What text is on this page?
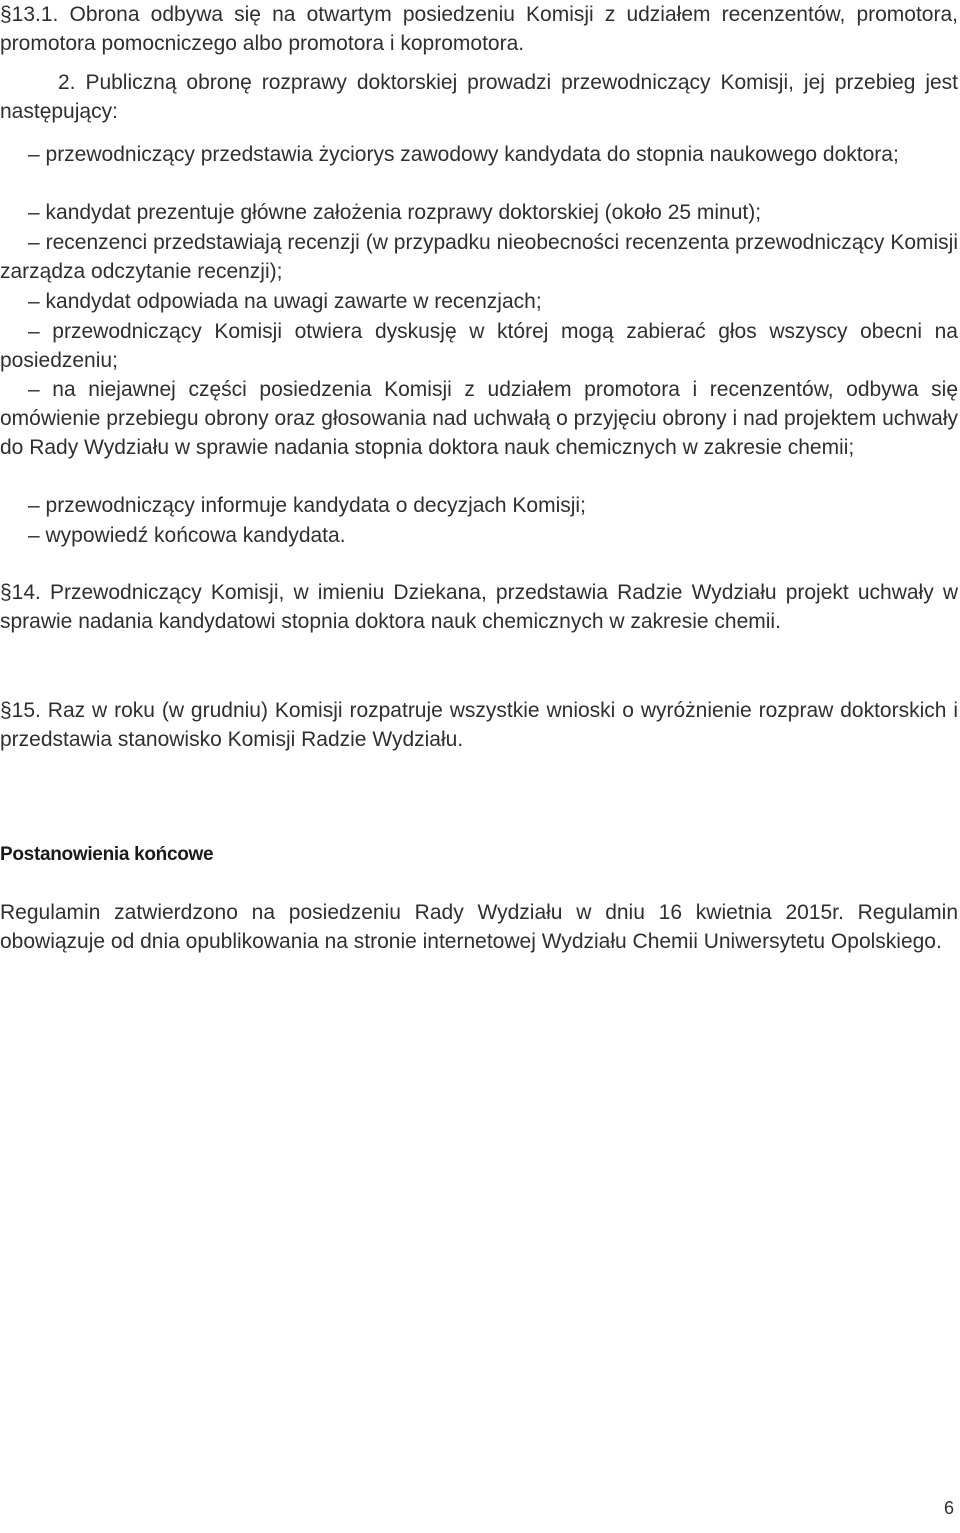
§13.1. Obrona odbywa się na otwartym posiedzeniu Komisji z udziałem recenzentów, promotora, promotora pomocniczego albo promotora i kopromotora.

2. Publiczną obronę rozprawy doktorskiej prowadzi przewodniczący Komisji, jej przebieg jest następujący:

– przewodniczący przedstawia życiorys zawodowy kandydata do stopnia naukowego doktora;

– kandydat prezentuje główne założenia rozprawy doktorskiej (około 25 minut);

– recenzenci przedstawiają recenzji (w przypadku nieobecności recenzenta przewodniczący Komisji zarządza odczytanie recenzji);

– kandydat odpowiada na uwagi zawarte w recenzjach;

– przewodniczący Komisji otwiera dyskusję w której mogą zabierać głos wszyscy obecni na posiedzeniu;

– na niejawnej części posiedzenia Komisji z udziałem promotora i recenzentów, odbywa się omówienie przebiegu obrony oraz głosowania nad uchwałą o przyjęciu obrony i nad projektem uchwały do Rady Wydziału w sprawie nadania stopnia doktora nauk chemicznych w zakresie chemii;

– przewodniczący informuje kandydata o decyzjach Komisji;

– wypowiedź końcowa kandydata.

§14. Przewodniczący Komisji, w imieniu Dziekana, przedstawia Radzie Wydziału projekt uchwały w sprawie nadania kandydatowi stopnia doktora nauk chemicznych w zakresie chemii.

§15. Raz w roku (w grudniu) Komisji rozpatruje wszystkie wnioski o wyróżnienie rozpraw doktorskich i przedstawia stanowisko Komisji Radzie Wydziału.

Postanowienia końcowe

Regulamin zatwierdzono na posiedzeniu Rady Wydziału w dniu 16 kwietnia 2015r. Regulamin obowiązuje od dnia opublikowania na stronie internetowej Wydziału Chemii Uniwersytetu Opolskiego.

6
